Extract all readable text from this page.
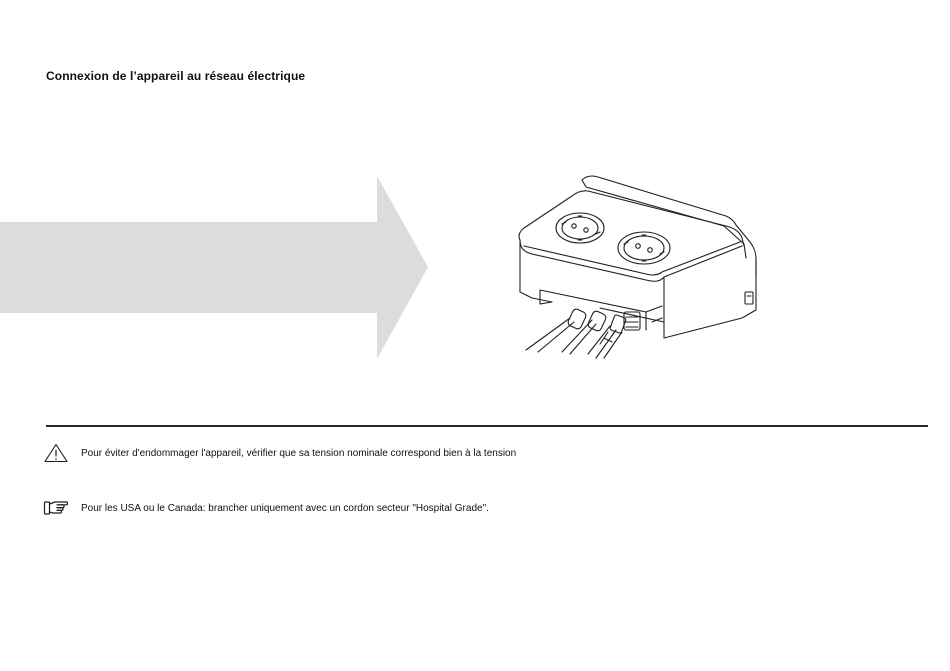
Connexion de l’appareil au réseau électrique
Pour éviter d'endommager l'appareil, vérifier que sa tension nominale correspond bien à la tension
Pour les USA ou le Canada: brancher uniquement avec un cordon secteur "Hospital Grade".
